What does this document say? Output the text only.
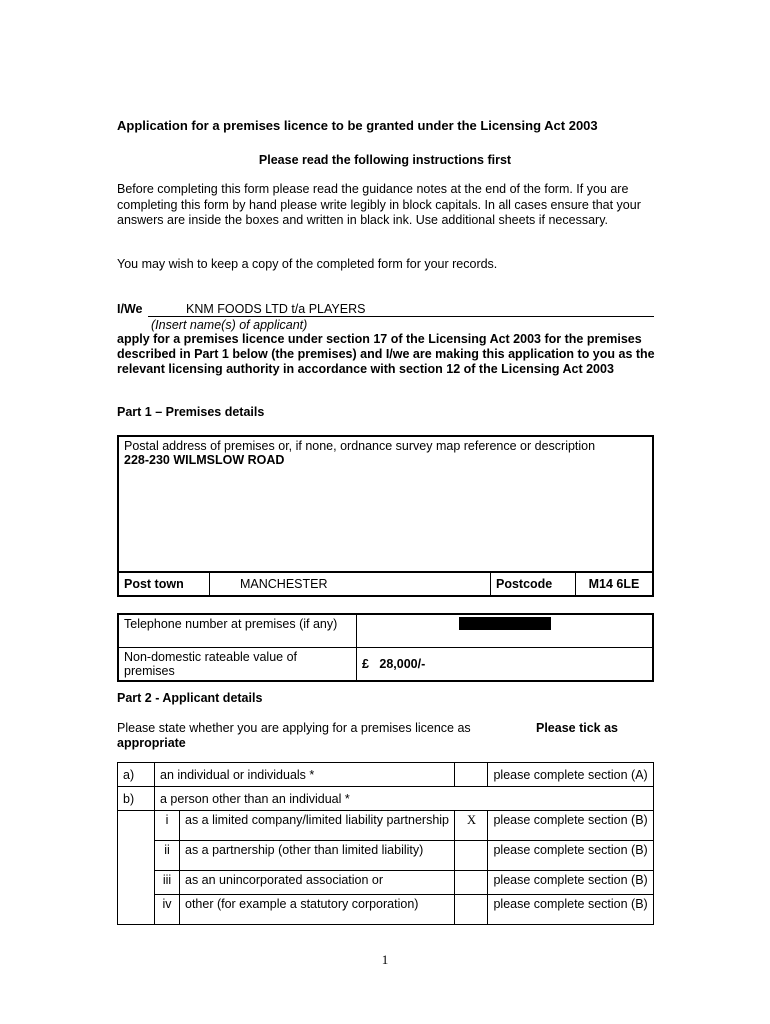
Application for a premises licence to be granted under the Licensing Act 2003
Please read the following instructions first
Before completing this form please read the guidance notes at the end of the form. If you are completing this form by hand please write legibly in block capitals. In all cases ensure that your answers are inside the boxes and written in black ink. Use additional sheets if necessary.
You may wish to keep a copy of the completed form for your records.
I/We	KNM FOODS LTD t/a PLAYERS
(Insert name(s) of applicant)
apply for a premises licence under section 17 of the Licensing Act 2003 for the premises described in Part 1 below (the premises) and I/we are making this application to you as the relevant licensing authority in accordance with section 12 of the Licensing Act 2003
Part 1 – Premises details
Postal address of premises or, if none, ordnance survey map reference or description
228-230 WILMSLOW ROAD

Post town	MANCHESTER	Postcode	M14 6LE
Telephone number at premises (if any)	
Non-domestic rateable value of premises	£ 28,000/-
Part 2 - Applicant details
Please state whether you are applying for a premises licence as	Please tick as
appropriate
a)	an individual or individuals *			please complete section (A)
b)	a person other than an individual *			
	i	as a limited company/limited liability partnership	X	please complete section (B)
	ii	as a partnership (other than limited liability)		please complete section (B)
	iii	as an unincorporated association or		please complete section (B)
	iv	other (for example a statutory corporation)		please complete section (B)
1
